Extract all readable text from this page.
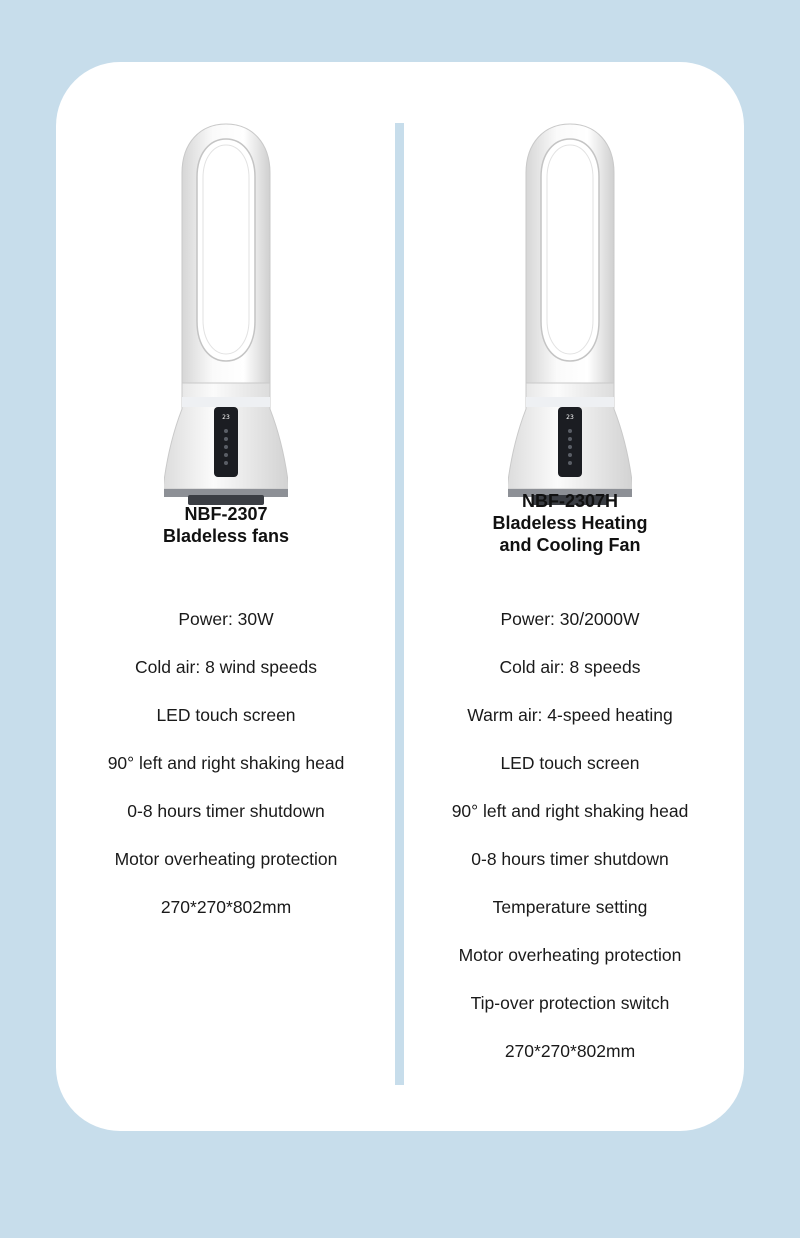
23
NBF-2307
Bladeless fans
Power: 30W
Cold air: 8 wind speeds
LED touch screen
90° left and right shaking head
0-8 hours timer shutdown
Motor overheating protection
270*270*802mm
23
NBF-2307H
Bladeless Heating
and Cooling Fan
Power: 30/2000W
Cold air: 8 speeds
Warm air: 4-speed heating
LED touch screen
90° left and right shaking head
0-8 hours timer shutdown
Temperature setting
Motor overheating protection
Tip-over protection switch
270*270*802mm
